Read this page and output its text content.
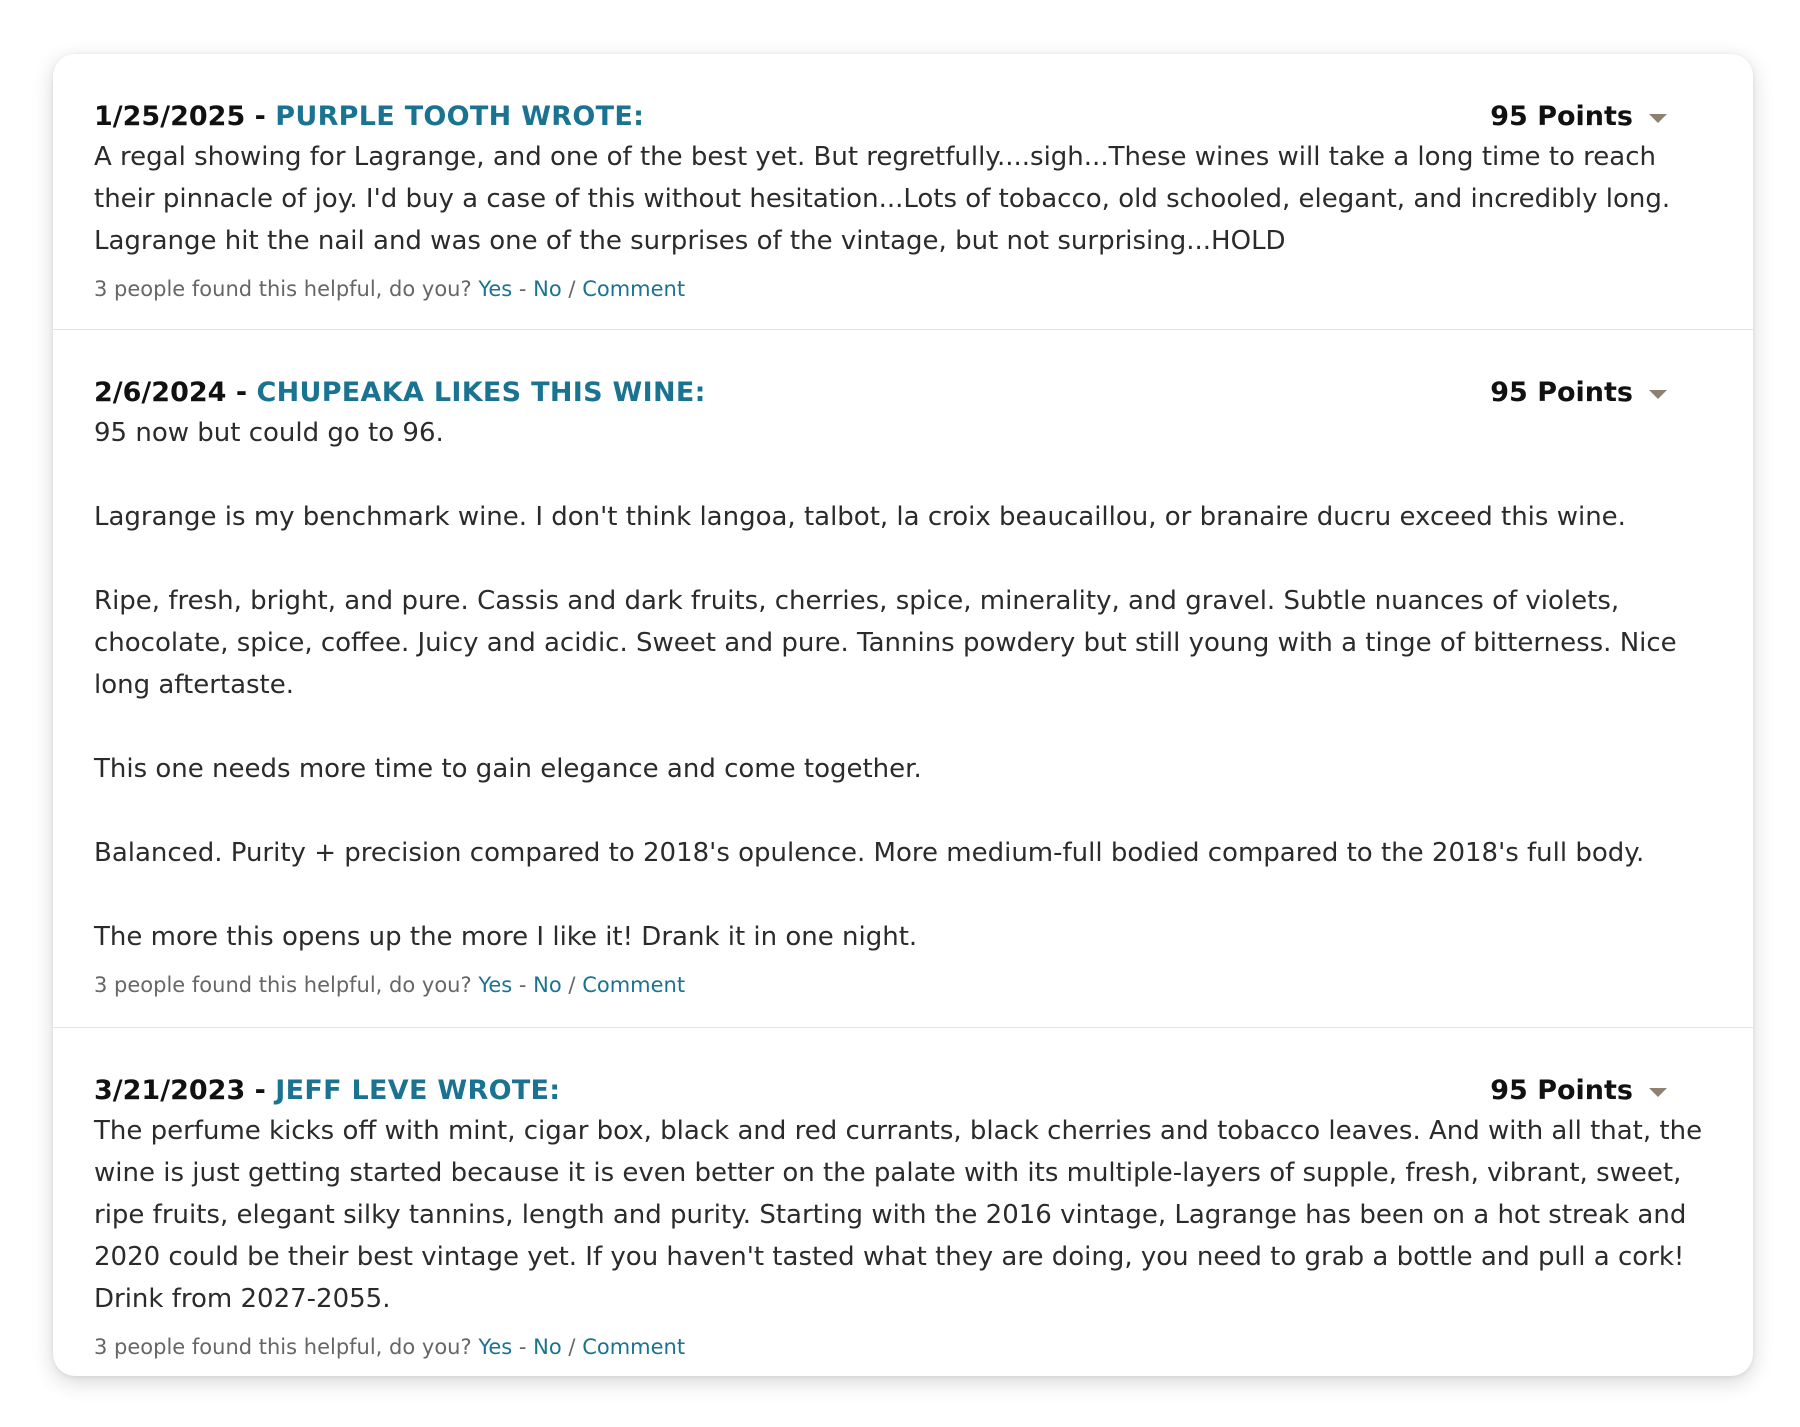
1/25/2025 - PURPLE TOOTH WROTE:	95 Points

A regal showing for Lagrange, and one of the best yet. But regretfully....sigh...These wines will take a long time to reach their pinnacle of joy. I'd buy a case of this without hesitation...Lots of tobacco, old schooled, elegant, and incredibly long. Lagrange hit the nail and was one of the surprises of the vintage, but not surprising...HOLD

3 people found this helpful, do you? Yes - No / Comment
2/6/2024 - CHUPEAKA LIKES THIS WINE:	95 Points

95 now but could go to 96.

Lagrange is my benchmark wine. I don't think langoa, talbot, la croix beaucaillou, or branaire ducru exceed this wine.

Ripe, fresh, bright, and pure. Cassis and dark fruits, cherries, spice, minerality, and gravel. Subtle nuances of violets, chocolate, spice, coffee. Juicy and acidic. Sweet and pure. Tannins powdery but still young with a tinge of bitterness. Nice long aftertaste.

This one needs more time to gain elegance and come together.

Balanced. Purity + precision compared to 2018's opulence. More medium-full bodied compared to the 2018's full body.

The more this opens up the more I like it! Drank it in one night.

3 people found this helpful, do you? Yes - No / Comment
3/21/2023 - JEFF LEVE WROTE:	95 Points

The perfume kicks off with mint, cigar box, black and red currants, black cherries and tobacco leaves. And with all that, the wine is just getting started because it is even better on the palate with its multiple-layers of supple, fresh, vibrant, sweet, ripe fruits, elegant silky tannins, length and purity. Starting with the 2016 vintage, Lagrange has been on a hot streak and 2020 could be their best vintage yet. If you haven't tasted what they are doing, you need to grab a bottle and pull a cork! Drink from 2027-2055.

3 people found this helpful, do you? Yes - No / Comment
